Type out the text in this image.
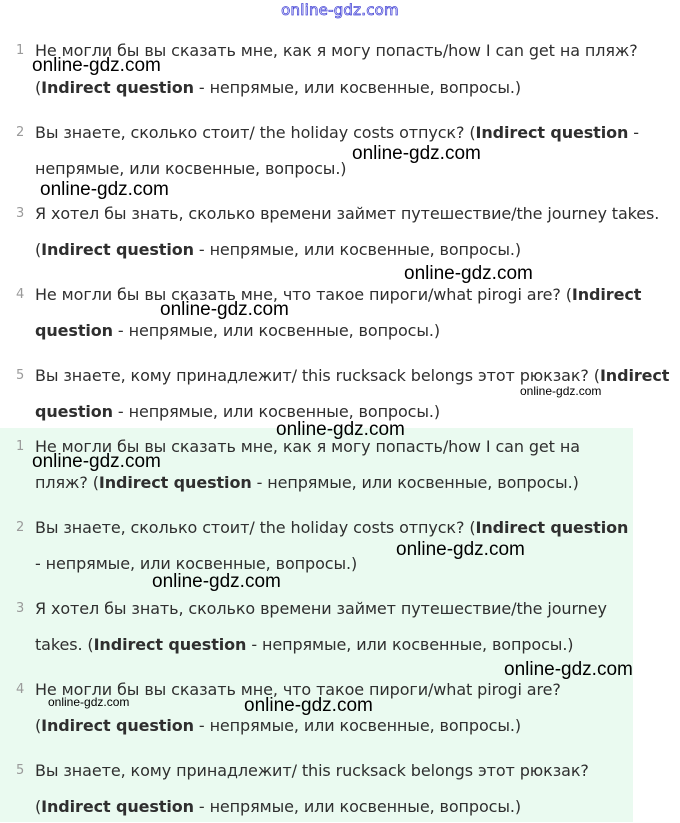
online-gdz.com
1 Не могли бы вы сказать мне, как я могу попасть/how I can get на пляж?
(Indirect question - непрямые, или косвенные, вопросы.)
2 Вы знаете, сколько стоит/ the holiday costs отпуск? (Indirect question -
непрямые, или косвенные, вопросы.)
3 Я хотел бы знать, сколько времени займет путешествие/the journey takes.
(Indirect question - непрямые, или косвенные, вопросы.)
4 Не могли бы вы сказать мне, что такое пироги/what pirogi are? (Indirect
question - непрямые, или косвенные, вопросы.)
5 Вы знаете, кому принадлежит/ this rucksack belongs этот рюкзак? (Indirect
question - непрямые, или косвенные, вопросы.)
1 Не могли бы вы сказать мне, как я могу попасть/how I can get на
пляж? (Indirect question - непрямые, или косвенные, вопросы.)
2 Вы знаете, сколько стоит/ the holiday costs отпуск? (Indirect question
- непрямые, или косвенные, вопросы.)
3 Я хотел бы знать, сколько времени займет путешествие/the journey
takes. (Indirect question - непрямые, или косвенные, вопросы.)
4 Не могли бы вы сказать мне, что такое пироги/what pirogi are?
(Indirect question - непрямые, или косвенные, вопросы.)
5 Вы знаете, кому принадлежит/ this rucksack belongs этот рюкзак?
(Indirect question - непрямые, или косвенные, вопросы.)
online-gdz.com
online-gdz.com
online-gdz.com
online-gdz.com
online-gdz.com
online-gdz.com
online-gdz.com
online-gdz.com
online-gdz.com
online-gdz.com
online-gdz.com
online-gdz.com	online-gdz.com
